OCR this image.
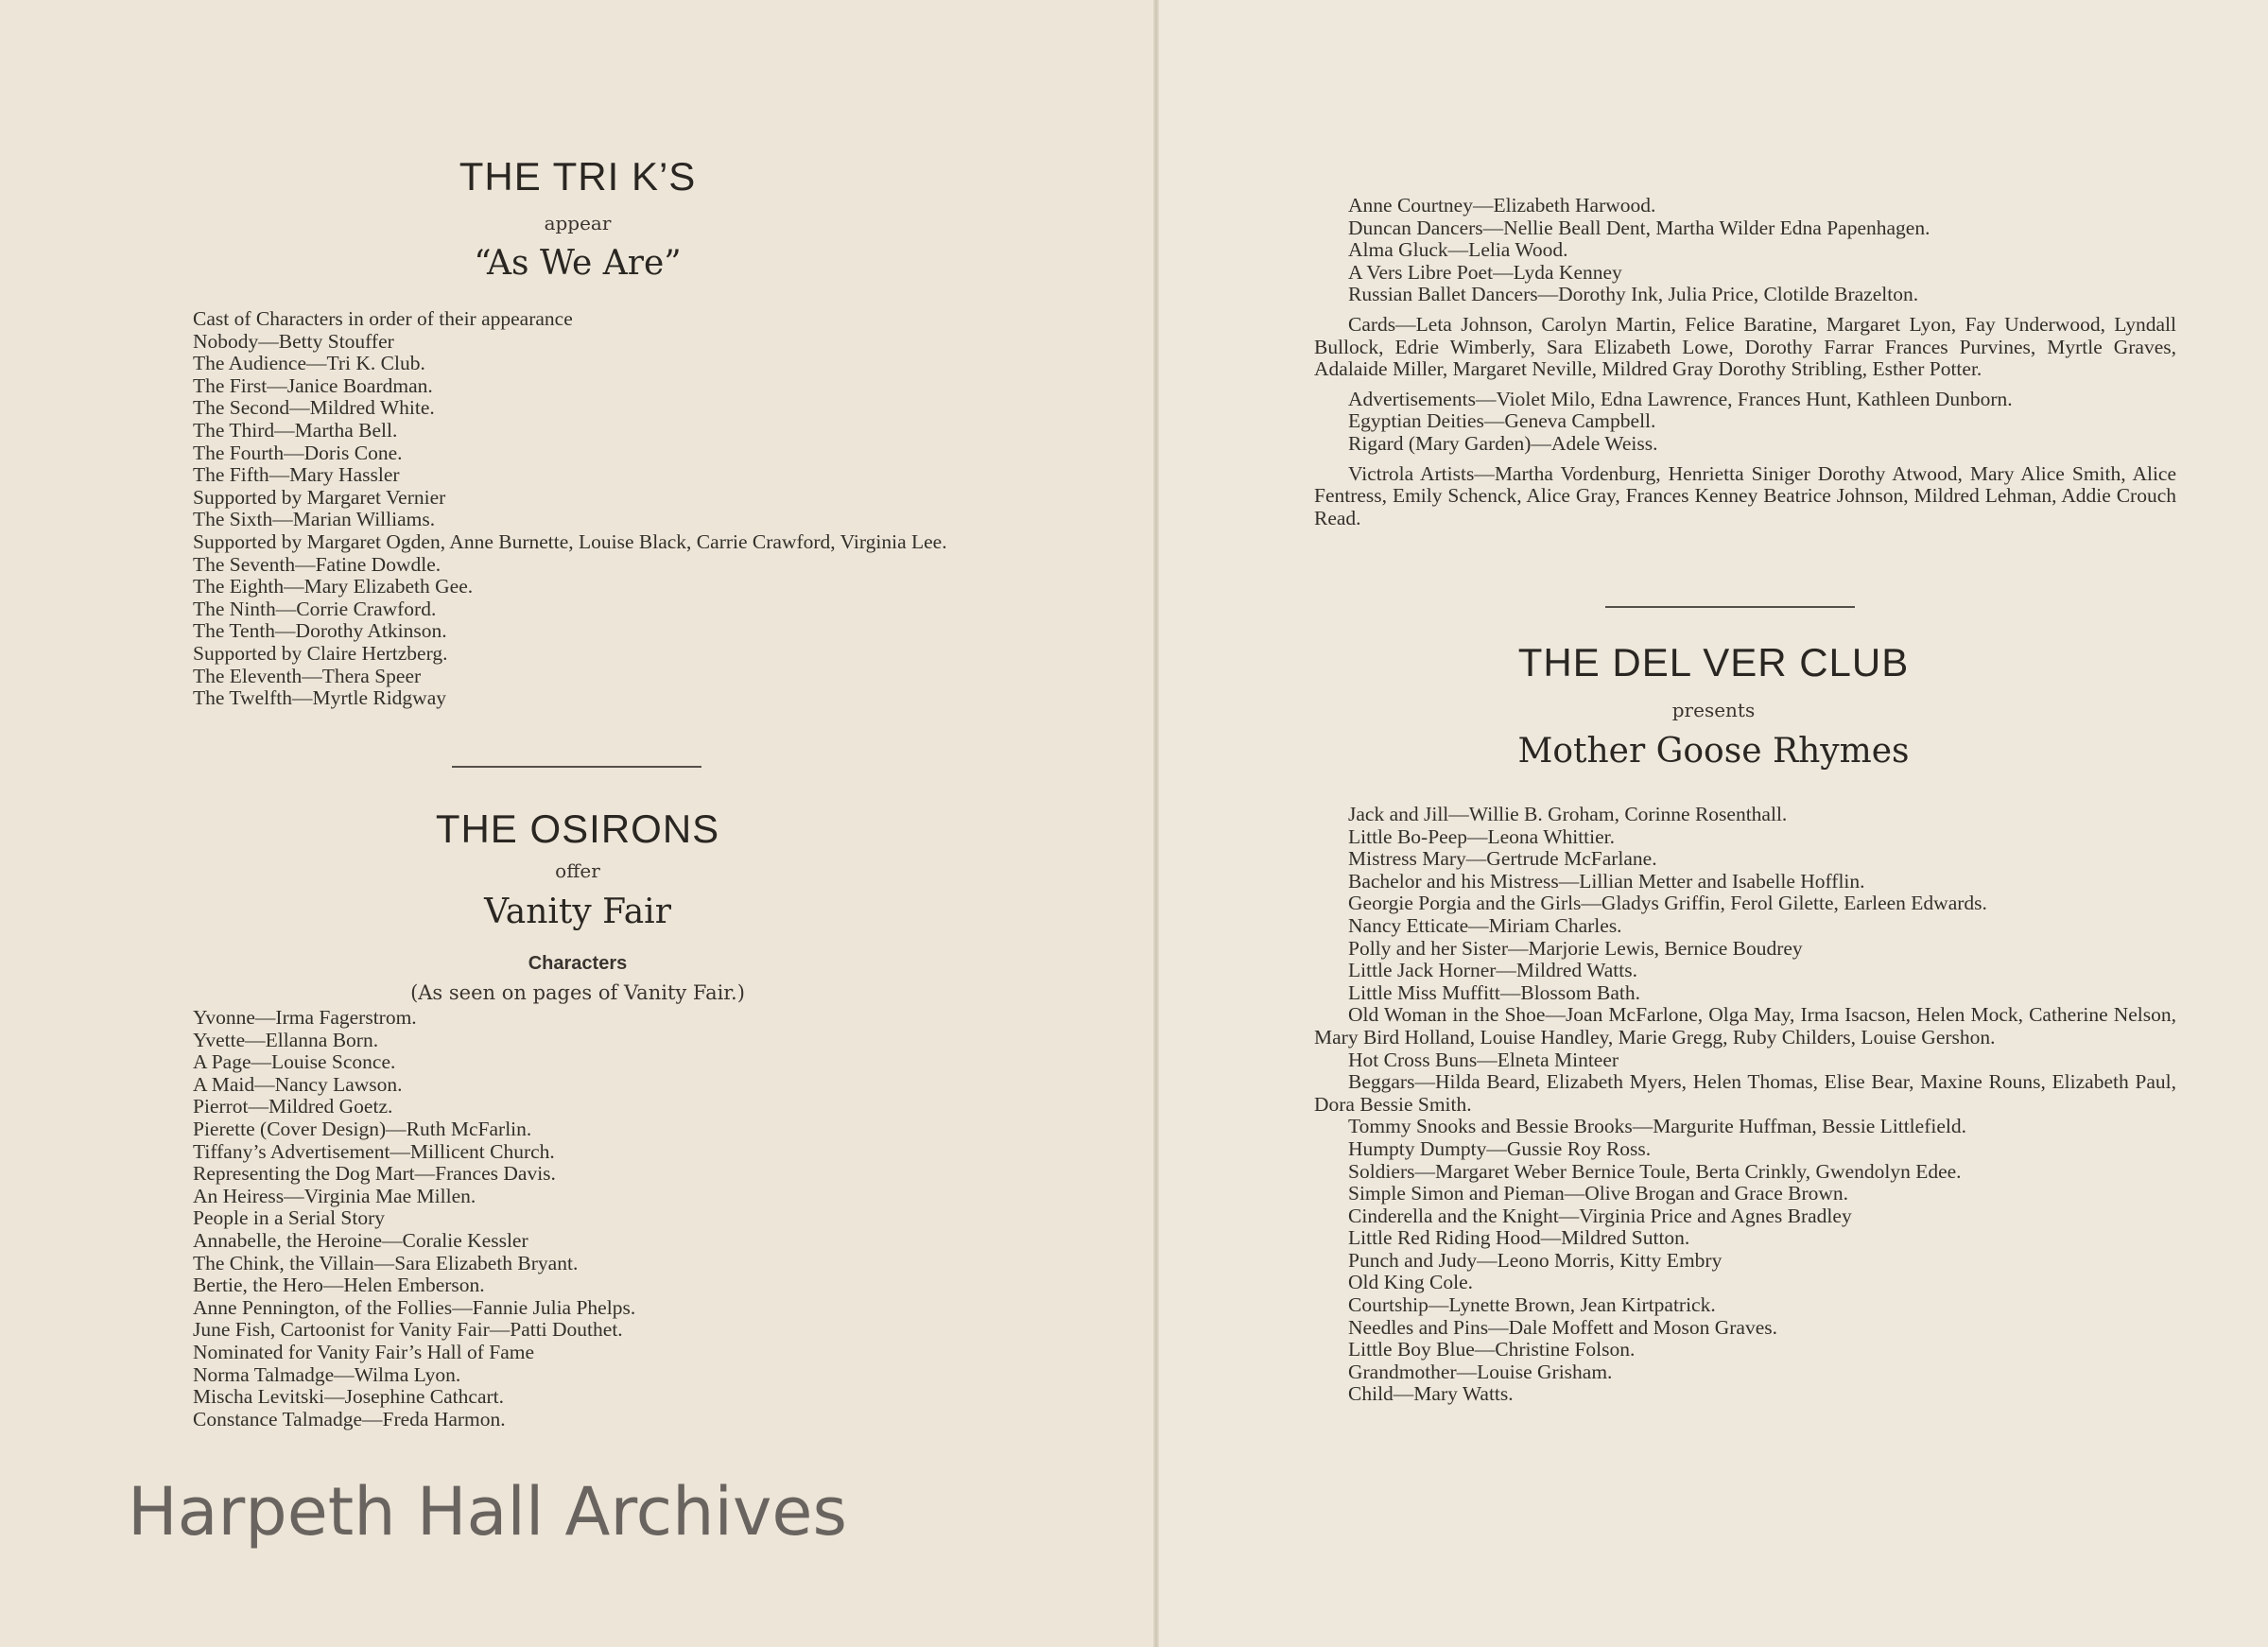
THE TRI K’S

appear

“As We Are”

Cast of Characters in order of their appearance
Nobody—Betty Stouffer
The Audience—Tri K. Club.
The First—Janice Boardman.
The Second—Mildred White.
The Third—Martha Bell.
The Fourth—Doris Cone.
The Fifth—Mary Hassler
Supported by Margaret Vernier
The Sixth—Marian Williams.
Supported by Margaret Ogden, Anne Burnette, Louise Black, Carrie Crawford, Virginia Lee.
The Seventh—Fatine Dowdle.
The Eighth—Mary Elizabeth Gee.
The Ninth—Corrie Crawford.
The Tenth—Dorothy Atkinson.
Supported by Claire Hertzberg.
The Eleventh—Thera Speer
The Twelfth—Myrtle Ridgway
THE OSIRONS

offer

Vanity Fair

Characters

(As seen on pages of Vanity Fair.)

Yvonne—Irma Fagerstrom.
Yvette—Ellanna Born.
A Page—Louise Sconce.
A Maid—Nancy Lawson.
Pierrot—Mildred Goetz.
Pierette (Cover Design)—Ruth McFarlin.
Tiffany’s Advertisement—Millicent Church.
Representing the Dog Mart—Frances Davis.
An Heiress—Virginia Mae Millen.
People in a Serial Story
Annabelle, the Heroine—Coralie Kessler
The Chink, the Villain—Sara Elizabeth Bryant.
Bertie, the Hero—Helen Emberson.
Anne Pennington, of the Follies—Fannie Julia Phelps.
June Fish, Cartoonist for Vanity Fair—Patti Douthet.
Nominated for Vanity Fair’s Hall of Fame
Norma Talmadge—Wilma Lyon.
Mischa Levitski—Josephine Cathcart.
Constance Talmadge—Freda Harmon.

Harpeth Hall Archives

Anne Courtney—Elizabeth Harwood.
Duncan Dancers—Nellie Beall Dent, Martha Wilder Edna Papenhagen.
Alma Gluck—Lelia Wood.
A Vers Libre Poet—Lyda Kenney
Russian Ballet Dancers—Dorothy Ink, Julia Price, Clotilde Brazelton.
Cards—Leta Johnson, Carolyn Martin, Felice Baratine, Margaret Lyon, Fay Underwood, Lyndall Bullock, Edrie Wimberly, Sara Elizabeth Lowe, Dorothy Farrar Frances Purvines, Myrtle Graves, Adalaide Miller, Margaret Neville, Mildred Gray Dorothy Stribling, Esther Potter.
Advertisements—Violet Milo, Edna Lawrence, Frances Hunt, Kathleen Dunborn.
Egyptian Deities—Geneva Campbell.
Rigard (Mary Garden)—Adele Weiss.
Victrola Artists—Martha Vordenburg, Henrietta Siniger Dorothy Atwood, Mary Alice Smith, Alice Fentress, Emily Schenck, Alice Gray, Frances Kenney Beatrice Johnson, Mildred Lehman, Addie Crouch Read.
THE DEL VER CLUB

presents

Mother Goose Rhymes

Jack and Jill—Willie B. Groham, Corinne Rosenthall.
Little Bo-Peep—Leona Whittier.
Mistress Mary—Gertrude McFarlane.
Bachelor and his Mistress—Lillian Metter and Isabelle Hofflin.
Georgie Porgia and the Girls—Gladys Griffin, Ferol Gilette, Earleen Edwards.
Nancy Etticate—Miriam Charles.
Polly and her Sister—Marjorie Lewis, Bernice Boudrey
Little Jack Horner—Mildred Watts.
Little Miss Muffitt—Blossom Bath.
Old Woman in the Shoe—Joan McFarlone, Olga May, Irma Isacson, Helen Mock, Catherine Nelson, Mary Bird Holland, Louise Handley, Marie Gregg, Ruby Childers, Louise Gershon.
Hot Cross Buns—Elneta Minteer
Beggars—Hilda Beard, Elizabeth Myers, Helen Thomas, Elise Bear, Maxine Rouns, Elizabeth Paul, Dora Bessie Smith.
Tommy Snooks and Bessie Brooks—Margurite Huffman, Bessie Littlefield.
Humpty Dumpty—Gussie Roy Ross.
Soldiers—Margaret Weber Bernice Toule, Berta Crinkly, Gwendolyn Edee.
Simple Simon and Pieman—Olive Brogan and Grace Brown.
Cinderella and the Knight—Virginia Price and Agnes Bradley
Little Red Riding Hood—Mildred Sutton.
Punch and Judy—Leono Morris, Kitty Embry
Old King Cole.
Courtship—Lynette Brown, Jean Kirtpatrick.
Needles and Pins—Dale Moffett and Moson Graves.
Little Boy Blue—Christine Folson.
Grandmother—Louise Grisham.
Child—Mary Watts.
